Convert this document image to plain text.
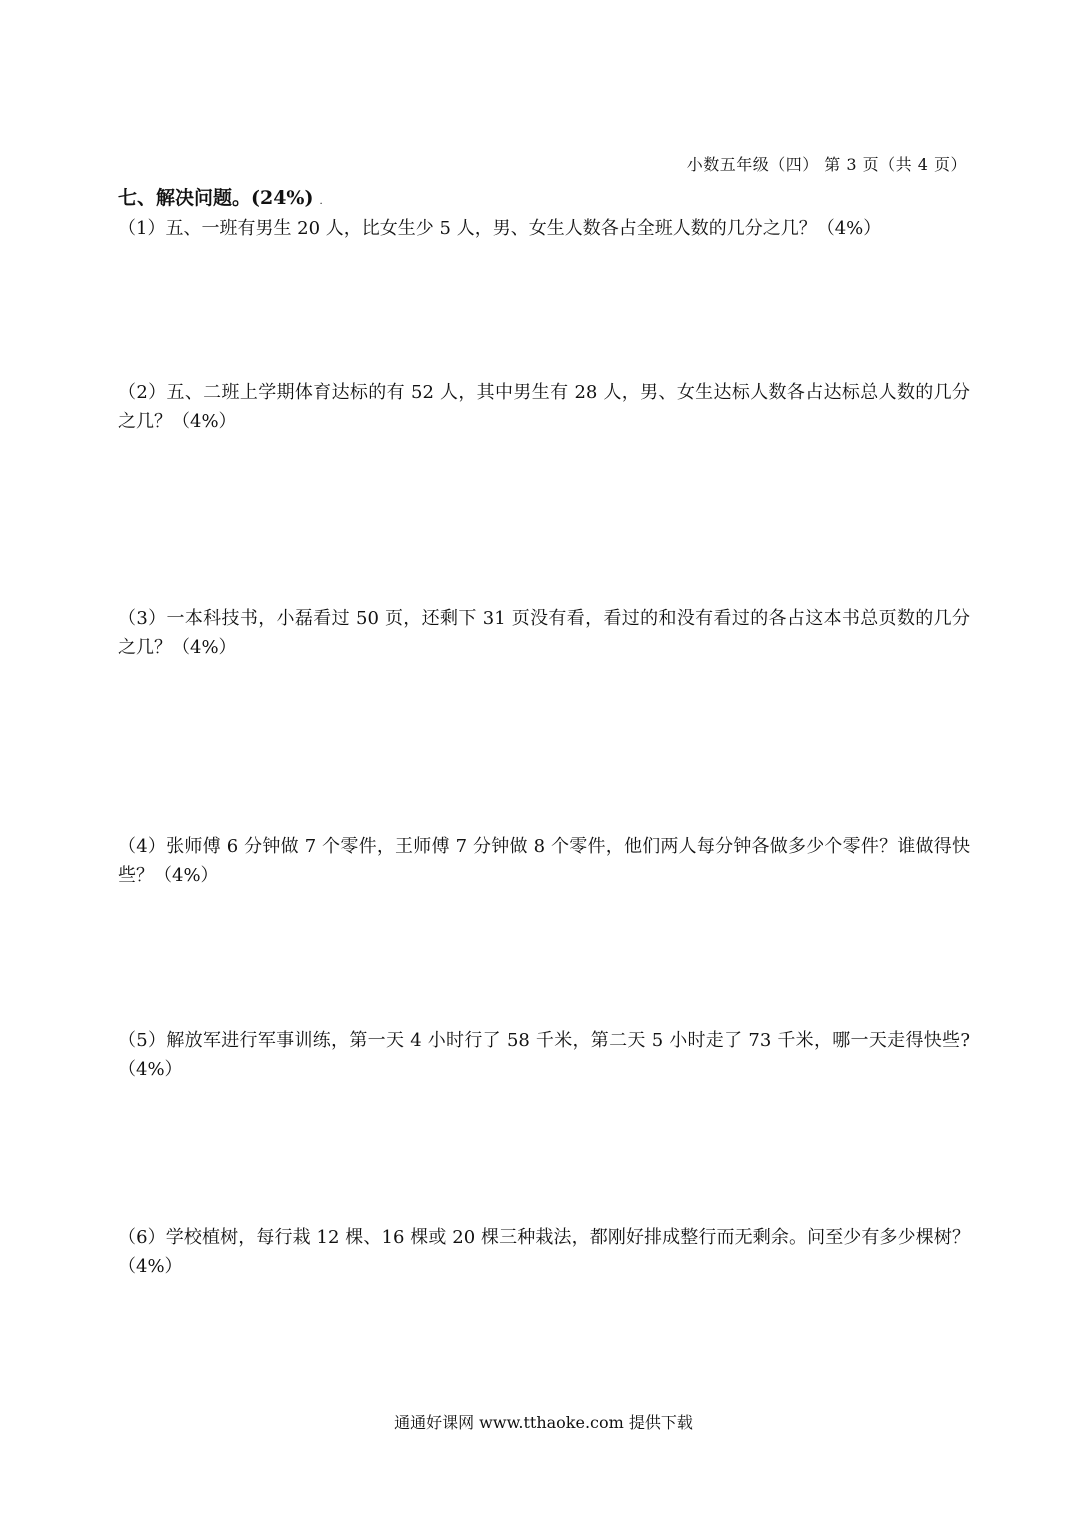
小数五年级（四） 第 3 页（共 4 页）
七、解决问题。(24%) .
（1）五、一班有男生 20 人，比女生少 5 人，男、女生人数各占全班人数的几分之几？（4%）
（2）五、二班上学期体育达标的有 52 人，其中男生有 28 人，男、女生达标人数各占达标总人数的几分之几？（4%）
（3）一本科技书，小磊看过 50 页，还剩下 31 页没有看，看过的和没有看过的各占这本书总页数的几分之几？（4%）
（4）张师傅 6 分钟做 7 个零件，王师傅 7 分钟做 8 个零件，他们两人每分钟各做多少个零件？谁做得快些？（4%）
（5）解放军进行军事训练，第一天 4 小时行了 58 千米，第二天 5 小时走了 73 千米，哪一天走得快些? （4%）
（6）学校植树，每行栽 12 棵、16 棵或 20 棵三种栽法，都刚好排成整行而无剩余。问至少有多少棵树？（4%）
通通好课网 www.tthaoke.com 提供下载
